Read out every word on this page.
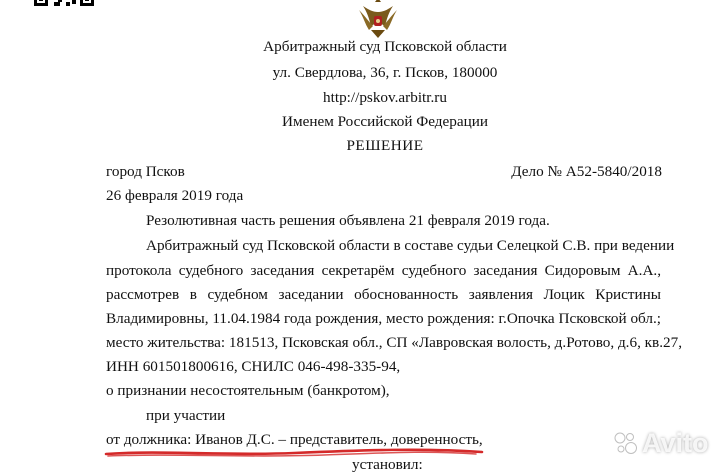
Арбитражный суд Псковской области
ул. Свердлова, 36, г. Псков, 180000
http://pskov.arbitr.ru
Именем Российской Федерации
РЕШЕНИЕ
город Псков	Дело № А52-5840/2018
26 февраля 2019 года
Резолютивная часть решения объявлена 21 февраля 2019 года.
Арбитражный суд Псковской области в составе судьи Селецкой С.В. при ведении
протокола судебного заседания секретарём судебного заседания Сидоровым А.А.,
рассмотрев в судебном заседании обоснованность заявления Лоцик Кристины
Владимировны, 11.04.1984 года рождения, место рождения: г.Опочка Псковской обл.;
место жительства: 181513, Псковская обл., СП «Лавровская волость, д.Ротово, д.6, кв.27,
ИНН 601501800616, СНИЛС 046-498-335-94,
о признании несостоятельным (банкротом),
при участии
от должника: Иванов Д.С. – представитель, доверенность,
установил:
Avito
